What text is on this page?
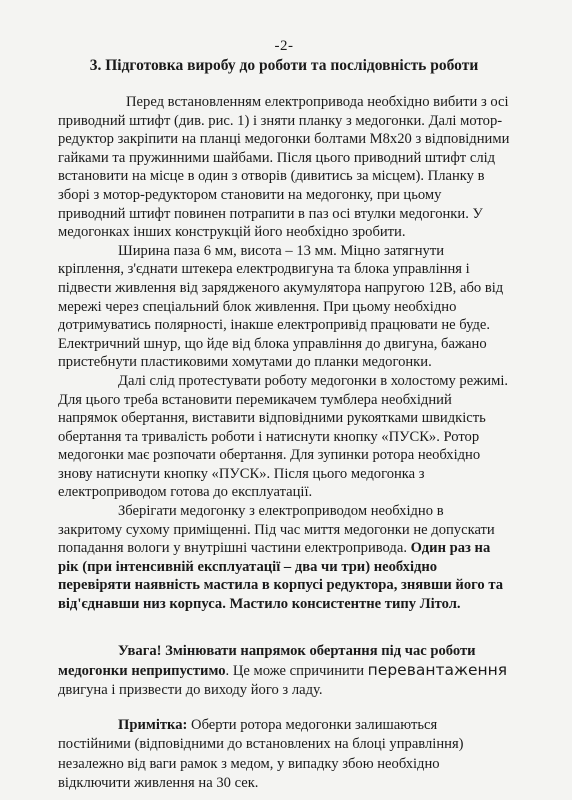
-2-

3. Підготовка виробу до роботи та послідовність роботи

Перед встановленням електропривода необхідно вибити з осі приводний штифт (див. рис. 1) і зняти планку з медогонки. Далі мотор-редуктор закріпити на планці медогонки болтами М8х20 з відповідними гайками та пружинними шайбами. Після цього приводний штифт слід встановити на місце в один з отворів (дивитись за місцем). Планку в зборі з мотор-редуктором становити на медогонку, при цьому приводний штифт повинен потрапити в паз осі втулки медогонки. У медогонках інших конструкцій його необхідно зробити.

Ширина паза 6 мм, висота – 13 мм. Міцно затягнути кріплення, з'єднати штекера електродвигуна та блока управління і підвести живлення від зарядженого акумулятора напругою 12В, або від мережі через спеціальний блок живлення. При цьому необхідно дотримуватись полярності, інакше електропривід працювати не буде. Електричний шнур, що йде від блока управління до двигуна, бажано пристебнути пластиковими хомутами до планки медогонки.

Далі слід протестувати роботу медогонки в холостому режимі. Для цього треба встановити перемикачем тумблера необхідний напрямок обертання, виставити відповідними рукоятками швидкість обертання та тривалість роботи і натиснути кнопку «ПУСК». Ротор медогонки має розпочати обертання. Для зупинки ротора необхідно знову натиснути кнопку «ПУСК». Після цього медогонка з електроприводом готова до експлуатації.

Зберігати медогонку з електроприводом необхідно в закритому сухому приміщенні. Під час миття медогонки не допускати попадання вологи у внутрішні частини електропривода. Один раз на рік (при інтенсивній експлуатації – два чи три) необхідно перевіряти наявність мастила в корпусі редуктора, знявши його та від'єднавши низ корпуса. Мастило консистентне типу Літол.

Увага! Змінювати напрямок обертання під час роботи медогонки неприпустимо. Це може спричинити перевантаження двигуна і призвести до виходу його з ладу.

Примітка: Оберти ротора медогонки залишаються постійними (відповідними до встановлених на блоці управління) незалежно від ваги рамок з медом, у випадку збою необхідно відключити живлення на 30 сек.
